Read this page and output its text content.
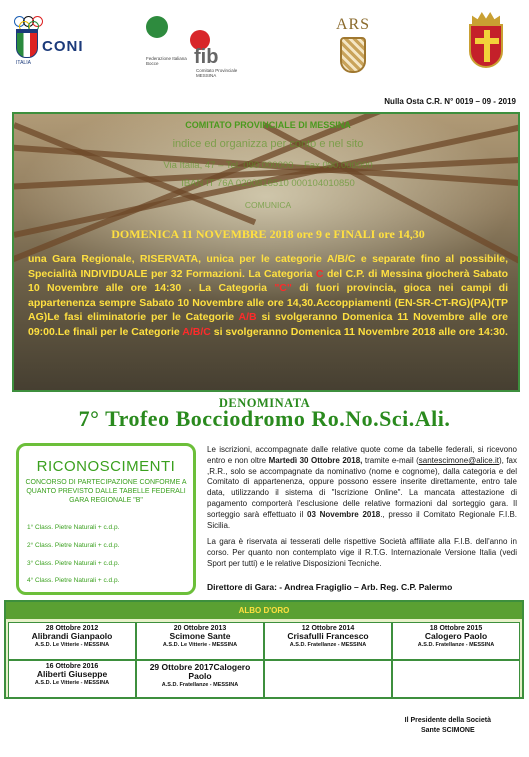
CONI
ITALIA	fib
Federazione Italiana Bocce
Comitato Provinciale MESSINA
ARS
Nulla Osta C.R. N° 0019 – 09 - 2019
COMITATO PROVINCIALE DI MESSINA
indice ed organizza per conto e nel sito
Via Italia, 47 – Tel. 090.000000 – Fax 090.000000
IBAN IT 76A 0200816510 000104010850
COMUNICA
DOMENICA 11 NOVEMBRE 2018 ore 9 e FINALI ore 14,30
una Gara Regionale, RISERVATA, unica per le categorie A/B/C e separate fino al possibile, Specialità INDIVIDUALE per 32 Formazioni. La Categoria C del C.P. di Messina giocherà Sabato 10 Novembre alle ore 14:30 . La Categoria "C" di fuori provincia, gioca nei campi di appartenenza sempre Sabato 10 Novembre alle ore 14,30.Accoppiamenti (EN-SR-CT-RG)(PA)(TP AG)Le fasi eliminatorie per le Categorie A/B si svolgeranno Domenica 11 Novembre alle ore 09:00.Le finali per le Categorie A/B/C si svolgeranno Domenica 11 Novembre 2018 alle ore 14:30.
DENOMINATA
7° Trofeo Bocciodromo Ro.No.Sci.Ali.
RICONOSCIMENTI
CONCORSO DI PARTECIPAZIONE CONFORME A QUANTO PREVISTO DALLE TABELLE FEDERALI GARA REGIONALE "B"
1° Class. Pietre Naturali + c.d.p.
2° Class. Pietre Naturali + c.d.p.
3° Class. Pietre Naturali + c.d.p.
4° Class. Pietre Naturali + c.d.p.

Le iscrizioni, accompagnate dalle relative quote come da tabelle federali, si ricevono entro e non oltre Martedì 30 Ottobre 2018, tramite e-mail (santescimone@alice.it), fax ,R.R., solo se accompagnate da nominativo (nome e cognome), dalla categoria e del Comitato di appartenenza, oppure possono essere inserite direttamente, entro tale data, utilizzando il sistema di "Iscrizione Online". La mancata attestazione di pagamento comporterà l'esclusione delle relative formazioni dal sorteggio gara. Il sorteggio sarà effettuato il 03 Novembre 2018., presso il Comitato Regionale F.I.B. Sicilia.

La gara è riservata ai tesserati delle rispettive Società affiliate alla F.I.B. dell'anno in corso. Per quanto non contemplato vige il R.T.G. Internazionale Versione Italia (vedi Sport per tutti) e le relative Disposizioni Tecniche.

Direttore di Gara: - Andrea Fragiglio – Arb. Reg. C.P. Palermo
ALBO D'ORO
28 Ottobre 2012
Alibrandi Gianpaolo
A.S.D. Le Vitterie - MESSINA
20 Ottobre 2013
Scimone Sante
A.S.D. Le Vitterie - MESSINA
12 Ottobre 2014
Crisafulli Francesco
A.S.D. Fratellanze - MESSINA
18 Ottobre 2015
Calogero Paolo
A.S.D. Fratellanze - MESSINA
16 Ottobre 2016
Aliberti Giuseppe
A.S.D. Le Vitterie - MESSINA
29 Ottobre 2017Calogero Paolo
A.S.D. Fratellanze - MESSINA
Il Presidente della Società
Sante SCIMONE
